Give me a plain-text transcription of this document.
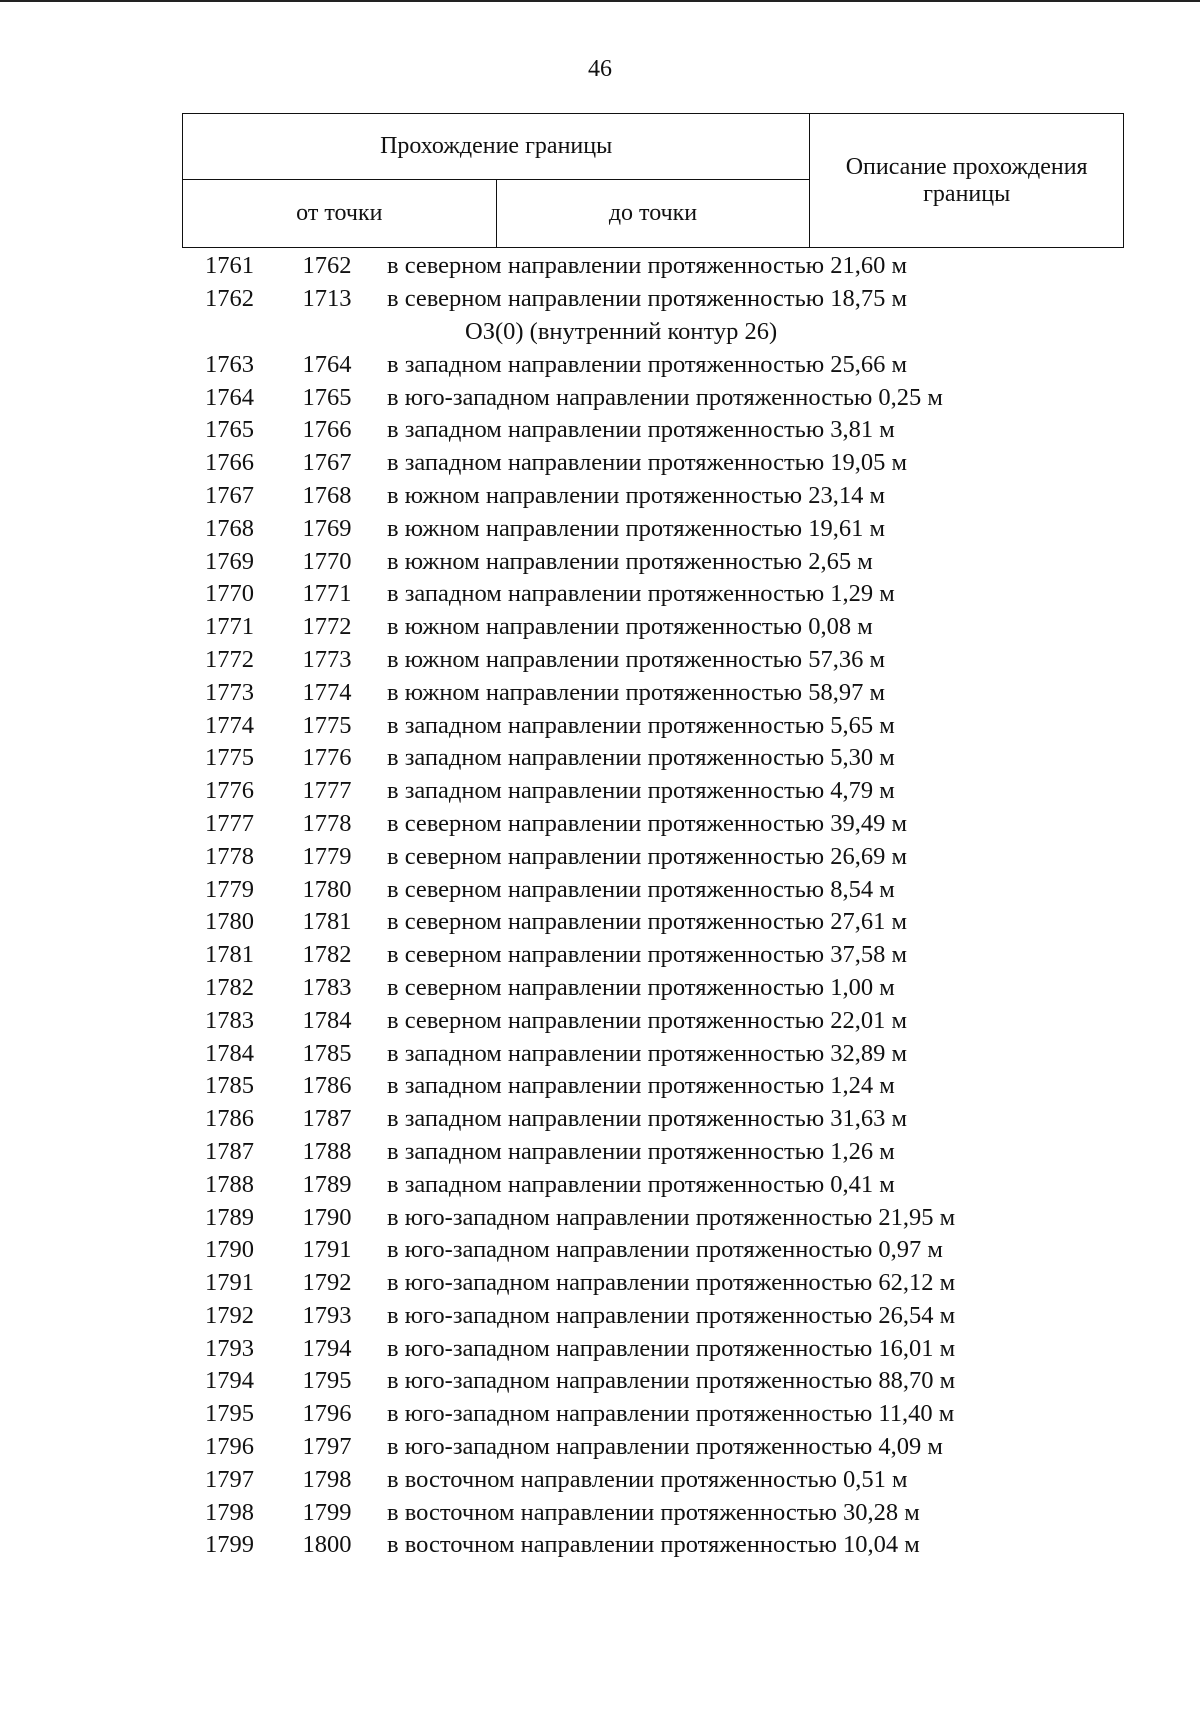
46
Прохождение границы		Описание прохождения границы
от точки	до точки	
1761	1762	в северном направлении протяженностью 21,60 м
1762	1713	в северном направлении протяженностью 18,75 м
ОЗ(0) (внутренний контур 26)
1763	1764	в западном направлении протяженностью 25,66 м
1764	1765	в юго-западном направлении протяженностью 0,25 м
1765	1766	в западном направлении протяженностью 3,81 м
1766	1767	в западном направлении протяженностью 19,05 м
1767	1768	в южном направлении протяженностью 23,14 м
1768	1769	в южном направлении протяженностью 19,61 м
1769	1770	в южном направлении протяженностью 2,65 м
1770	1771	в западном направлении протяженностью 1,29 м
1771	1772	в южном направлении протяженностью 0,08 м
1772	1773	в южном направлении протяженностью 57,36 м
1773	1774	в южном направлении протяженностью 58,97 м
1774	1775	в западном направлении протяженностью 5,65 м
1775	1776	в западном направлении протяженностью 5,30 м
1776	1777	в западном направлении протяженностью 4,79 м
1777	1778	в северном направлении протяженностью 39,49 м
1778	1779	в северном направлении протяженностью 26,69 м
1779	1780	в северном направлении протяженностью 8,54 м
1780	1781	в северном направлении протяженностью 27,61 м
1781	1782	в северном направлении протяженностью 37,58 м
1782	1783	в северном направлении протяженностью 1,00 м
1783	1784	в северном направлении протяженностью 22,01 м
1784	1785	в западном направлении протяженностью 32,89 м
1785	1786	в западном направлении протяженностью 1,24 м
1786	1787	в западном направлении протяженностью 31,63 м
1787	1788	в западном направлении протяженностью 1,26 м
1788	1789	в западном направлении протяженностью 0,41 м
1789	1790	в юго-западном направлении протяженностью 21,95 м
1790	1791	в юго-западном направлении протяженностью 0,97 м
1791	1792	в юго-западном направлении протяженностью 62,12 м
1792	1793	в юго-западном направлении протяженностью 26,54 м
1793	1794	в юго-западном направлении протяженностью 16,01 м
1794	1795	в юго-западном направлении протяженностью 88,70 м
1795	1796	в юго-западном направлении протяженностью 11,40 м
1796	1797	в юго-западном направлении протяженностью 4,09 м
1797	1798	в восточном направлении протяженностью 0,51 м
1798	1799	в восточном направлении протяженностью 30,28 м
1799	1800	в восточном направлении протяженностью 10,04 м
